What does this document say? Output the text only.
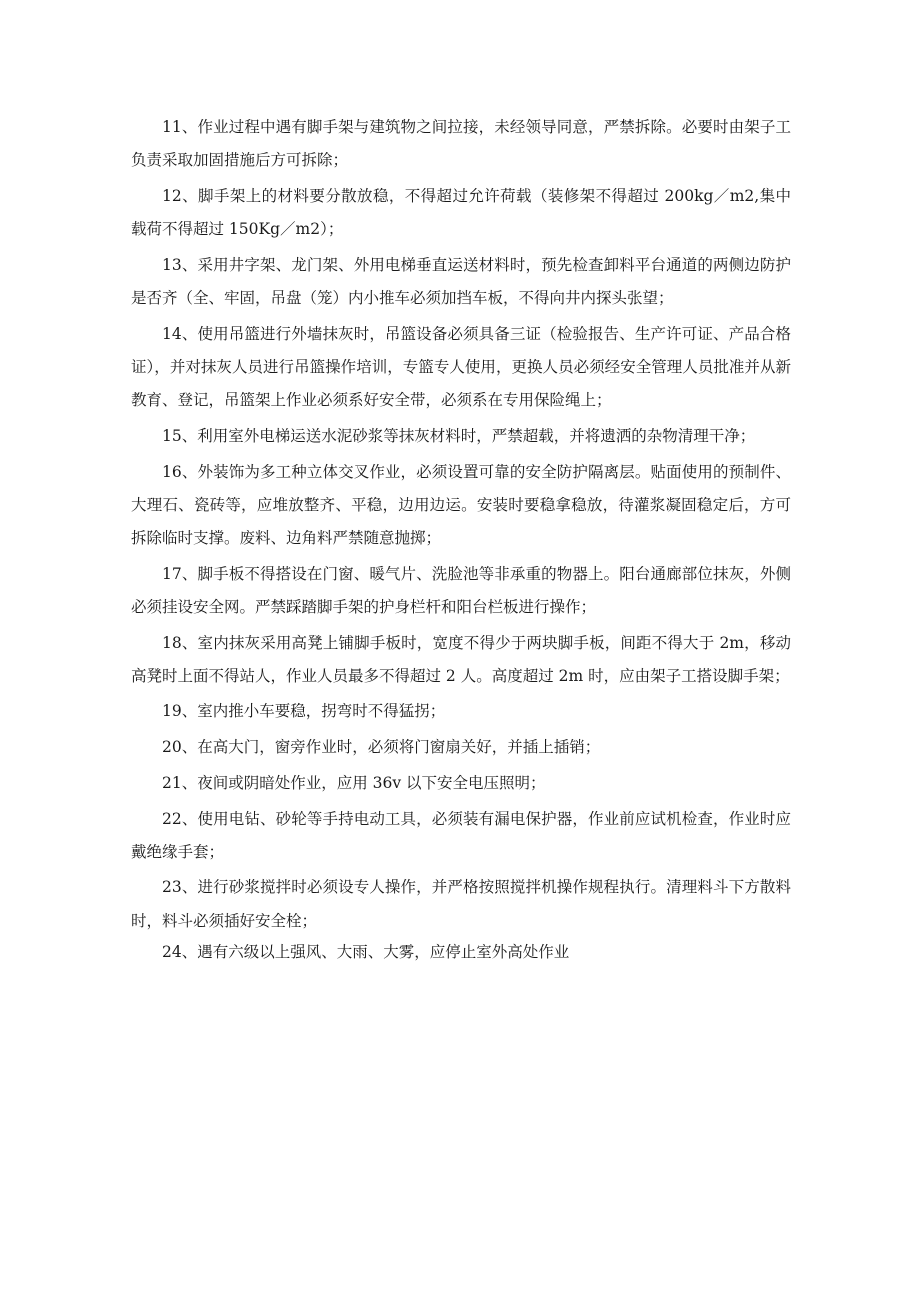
11、作业过程中遇有脚手架与建筑物之间拉接，未经领导同意，严禁拆除。必要时由架子工负责采取加固措施后方可拆除；

12、脚手架上的材料要分散放稳，不得超过允许荷载（装修架不得超过 200kg／m2,集中载荷不得超过 150Kg／m2）；

13、采用井字架、龙门架、外用电梯垂直运送材料时，预先检查卸料平台通道的两侧边防护是否齐（全、牢固，吊盘（笼）内小推车必须加挡车板，不得向井内探头张望；

14、使用吊篮进行外墙抹灰时，吊篮设备必须具备三证（检验报告、生产许可证、产品合格证），并对抹灰人员进行吊篮操作培训，专篮专人使用，更换人员必须经安全管理人员批准并从新教育、登记，吊篮架上作业必须系好安全带，必须系在专用保险绳上；

15、利用室外电梯运送水泥砂浆等抹灰材料时，严禁超载，并将遗洒的杂物清理干净；

16、外装饰为多工种立体交叉作业，必须设置可靠的安全防护隔离层。贴面使用的预制件、大理石、瓷砖等，应堆放整齐、平稳，边用边运。安装时要稳拿稳放，待灌浆凝固稳定后，方可拆除临时支撑。废料、边角料严禁随意抛掷；

17、脚手板不得搭设在门窗、暖气片、洗脸池等非承重的物器上。阳台通廊部位抹灰，外侧必须挂设安全网。严禁踩踏脚手架的护身栏杆和阳台栏板进行操作；

18、室内抹灰采用高凳上铺脚手板时，宽度不得少于两块脚手板，间距不得大于 2m，移动高凳时上面不得站人，作业人员最多不得超过 2 人。高度超过 2m 时，应由架子工搭设脚手架；

19、室内推小车要稳，拐弯时不得猛拐；

20、在高大门，窗旁作业时，必须将门窗扇关好，并插上插销；

21、夜间或阴暗处作业，应用 36v 以下安全电压照明；

22、使用电钻、砂轮等手持电动工具，必须装有漏电保护器，作业前应试机检查，作业时应戴绝缘手套；

23、进行砂浆搅拌时必须设专人操作，并严格按照搅拌机操作规程执行。清理料斗下方散料时，料斗必须插好安全栓；

24、遇有六级以上强风、大雨、大雾，应停止室外高处作业
